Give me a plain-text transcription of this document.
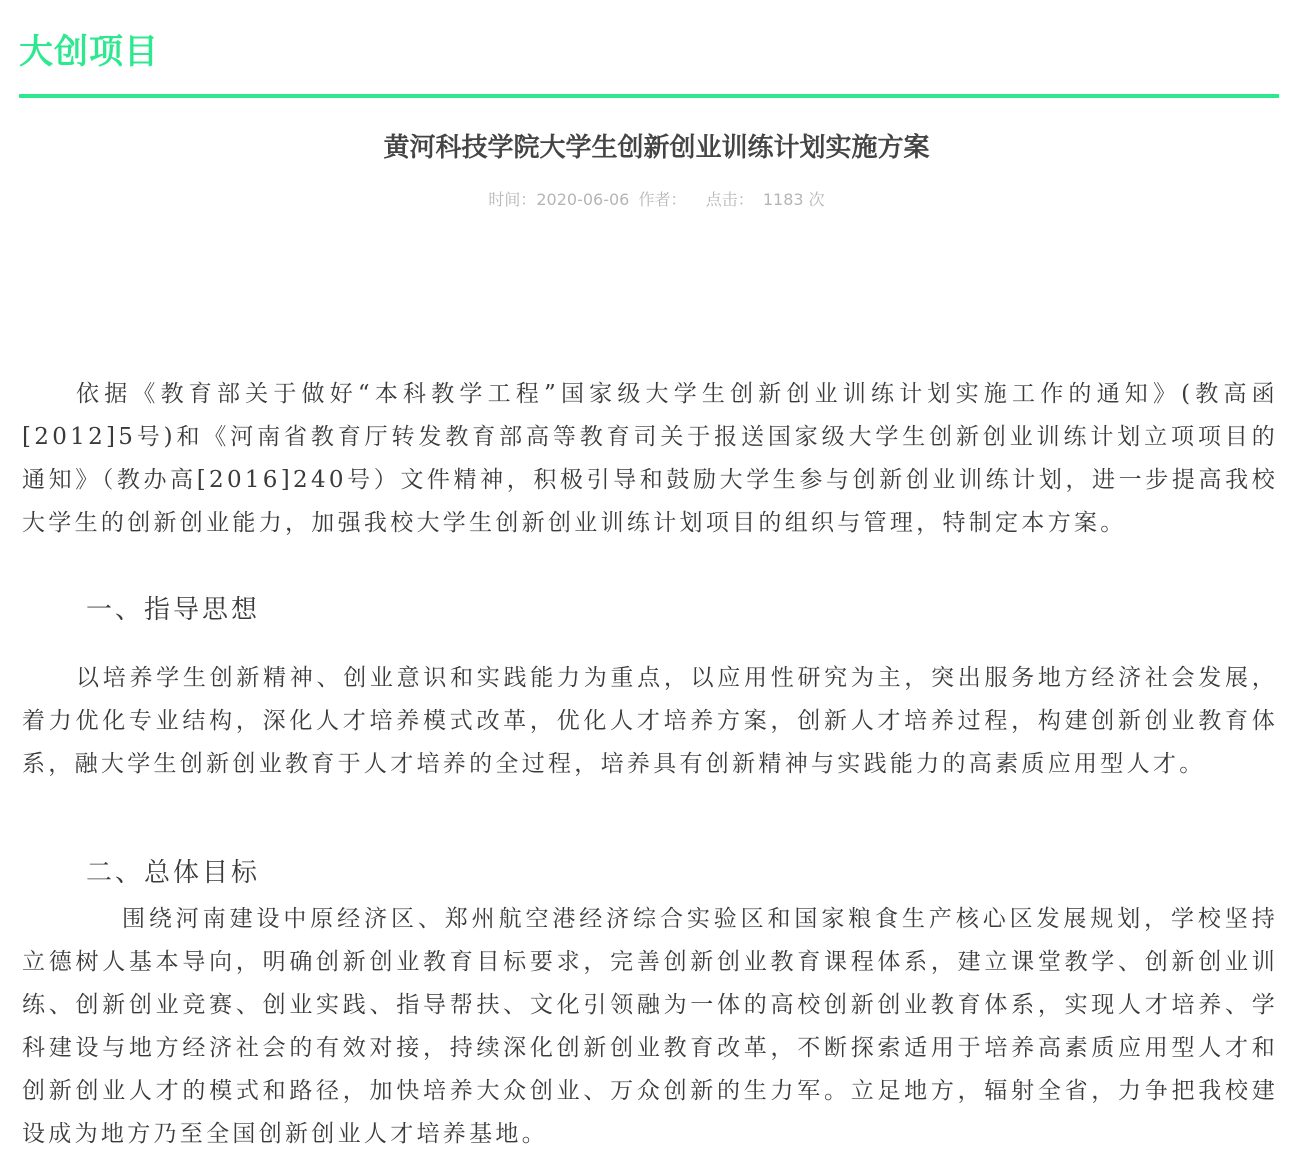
大创项目
黄河科技学院大学生创新创业训练计划实施方案
时间：2020-06-06 作者： 点击： 1183 次

依据《教育部关于做好“本科教学工程”国家级大学生创新创业训练计划实施工作的通知》(教高函[2012]5号)和《河南省教育厅转发教育部高等教育司关于报送国家级大学生创新创业训练计划立项项目的通知》（教办高[2016]240号）文件精神，积极引导和鼓励大学生参与创新创业训练计划，进一步提高我校大学生的创新创业能力，加强我校大学生创新创业训练计划项目的组织与管理，特制定本方案。

一、指导思想

以培养学生创新精神、创业意识和实践能力为重点，以应用性研究为主，突出服务地方经济社会发展，着力优化专业结构，深化人才培养模式改革，优化人才培养方案，创新人才培养过程，构建创新创业教育体系，融大学生创新创业教育于人才培养的全过程，培养具有创新精神与实践能力的高素质应用型人才。

二、总体目标

围绕河南建设中原经济区、郑州航空港经济综合实验区和国家粮食生产核心区发展规划，学校坚持立德树人基本导向，明确创新创业教育目标要求，完善创新创业教育课程体系，建立课堂教学、创新创业训练、创新创业竞赛、创业实践、指导帮扶、文化引领融为一体的高校创新创业教育体系，实现人才培养、学科建设与地方经济社会的有效对接，持续深化创新创业教育改革，不断探索适用于培养高素质应用型人才和创新创业人才的模式和路径，加快培养大众创业、万众创新的生力军。立足地方，辐射全省，力争把我校建设成为地方乃至全国创新创业人才培养基地。
